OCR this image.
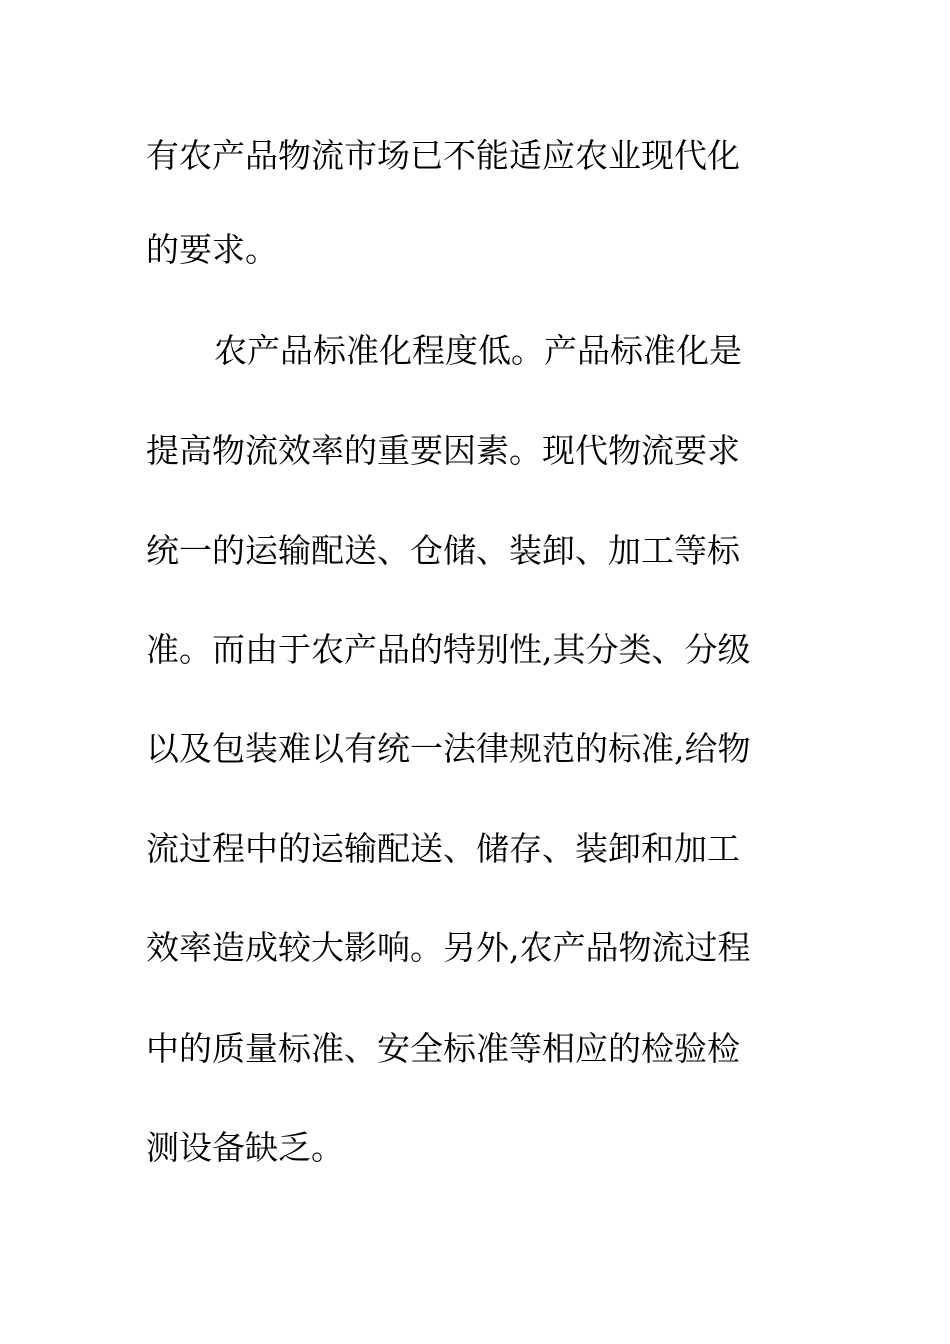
有农产品物流市场已不能适应农业现代化
的要求。
农产品标准化程度低。产品标准化是
提高物流效率的重要因素。现代物流要求
统一的运输配送、仓储、装卸、加工等标
准。而由于农产品的特别性,其分类、分级
以及包装难以有统一法律规范的标准,给物
流过程中的运输配送、储存、装卸和加工
效率造成较大影响。另外,农产品物流过程
中的质量标准、安全标准等相应的检验检
测设备缺乏。
